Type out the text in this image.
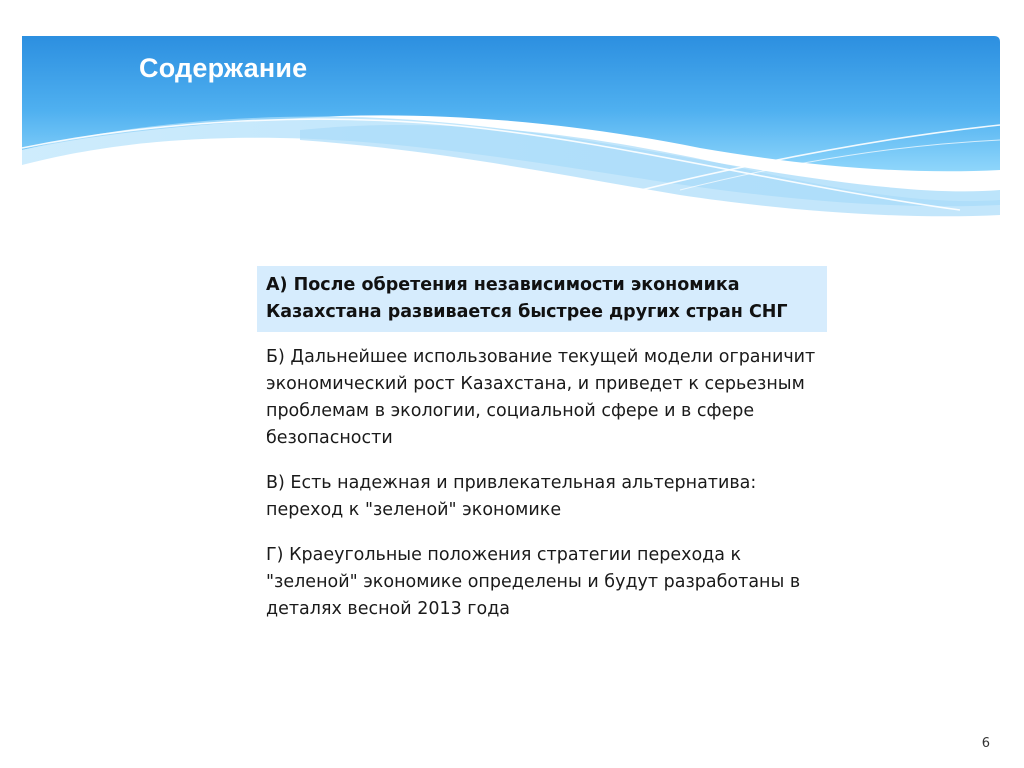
Содержание
А) После обретения независимости экономика Казахстана развивается быстрее других стран СНГ
Б) Дальнейшее использование текущей модели ограничит экономический рост Казахстана, и приведет к серьезным проблемам в экологии, социальной сфере и в сфере безопасности
В) Есть надежная и привлекательная альтернатива: переход к "зеленой" экономике
Г) Краеугольные положения стратегии перехода к "зеленой" экономике определены и будут разработаны в деталях весной 2013 года
6
